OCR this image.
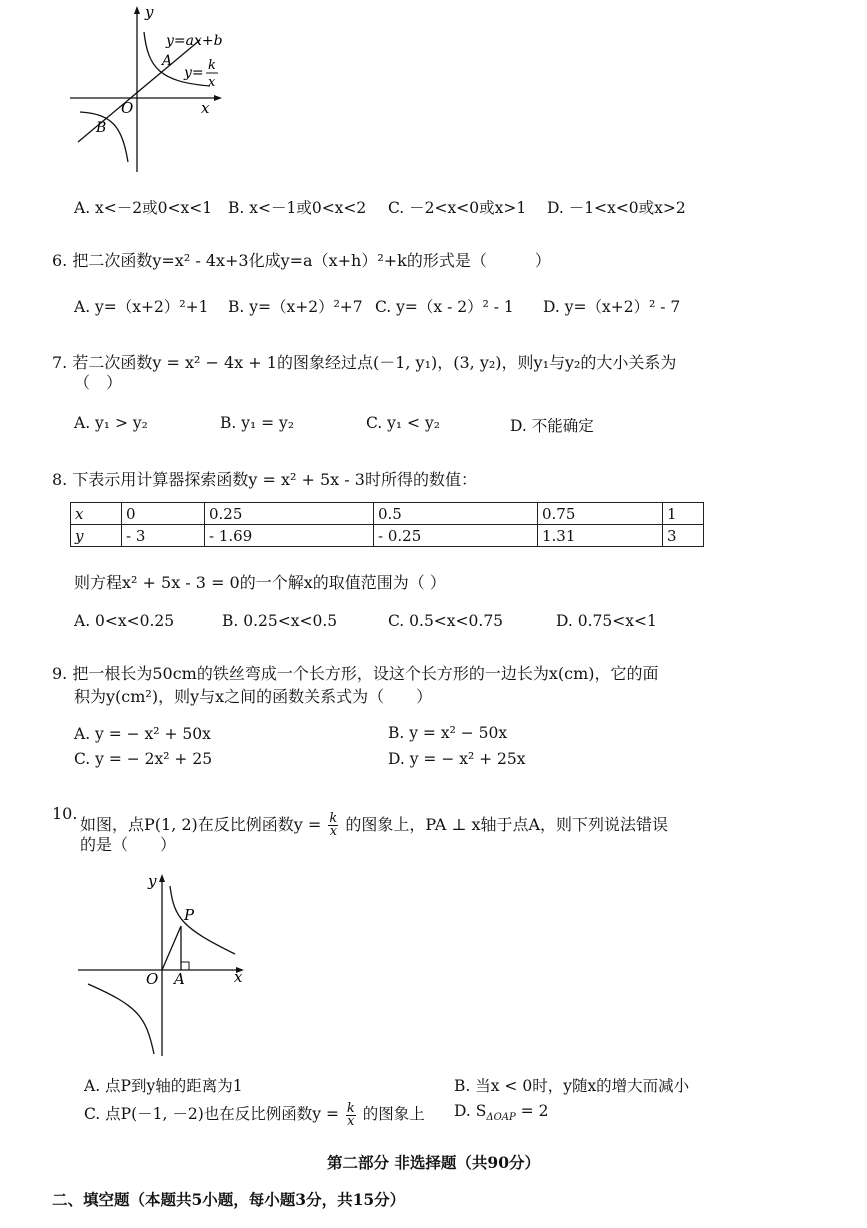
y
x
O
y=ax+b
A
y= k
x
B
A. x<－2或0<x<1 B. x<－1或0<x<2 C. －2<x<0或x>1 D. －1<x<0或x>2
6. 把二次函数y=x² - 4x+3化成y=a（x+h）²+k的形式是（　　　）
A. y=（x+2）²+1 B. y=（x+2）²+7 C. y=（x - 2）² - 1 D. y=（x+2）² - 7
7. 若二次函数y = x² − 4x + 1的图象经过点(－1, y₁)，(3, y₂)，则y₁与y₂的大小关系为
（　）
A. y₁ > y₂	B. y₁ = y₂	C. y₁ < y₂	D. 不能确定
8. 下表示用计算器探索函数y = x² + 5x - 3时所得的数值：
x	0	0.25	0.5	0.75	1
y	- 3	- 1.69	- 0.25	1.31	3
则方程x² + 5x - 3 = 0的一个解x的取值范围为（ ）
A. 0<x<0.25	B. 0.25<x<0.5	C. 0.5<x<0.75	D. 0.75<x<1
9. 把一根长为50cm的铁丝弯成一个长方形，设这个长方形的一边长为x(cm)，它的面
积为y(cm²)，则y与x之间的函数关系式为（　　）
A. y = − x² + 50x	B. y = x² − 50x
C. y = − 2x² + 25	D. y = − x² + 25x
10.
如图，点P(1, 2)在反比例函数$y = \frac{k}{x}$ 的图象上，PA ⊥ x轴于点A，则下列说法错误
的是（　　）
y
x
O
P
A
A. 点P到y轴的距离为1	B. 当x < 0时，y随x的增大而减小
C. 点P(－1, －2)也在反比例函数$y = \frac{k}{x}$ 的图象上 D. $S_{\Delta OAP} = 2$
第二部分 非选择题（共90分）
二、填空题（本题共5小题，每小题3分，共15分）
